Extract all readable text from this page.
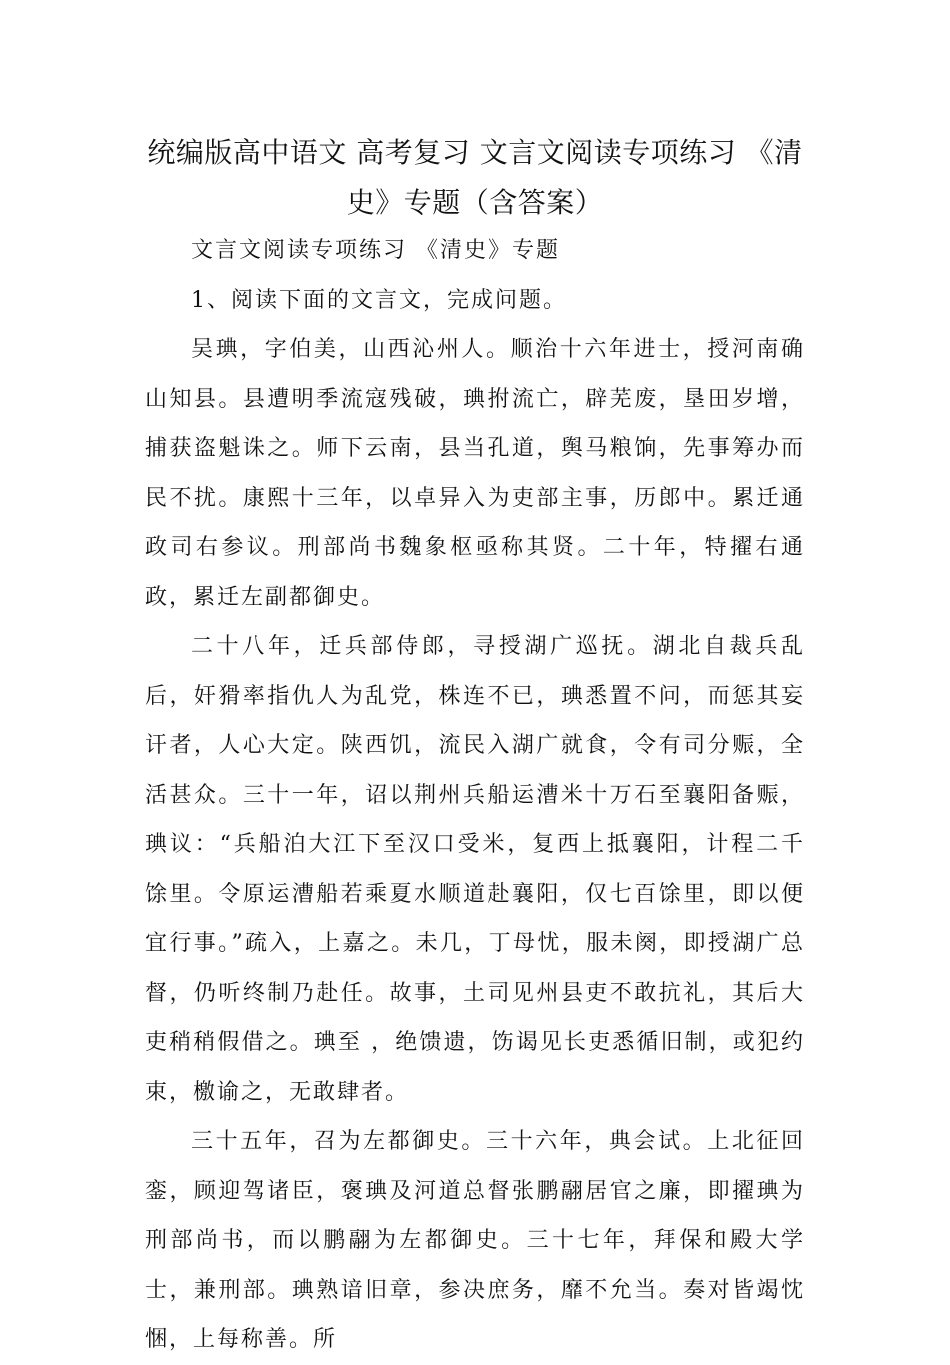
统编版高中语文 高考复习 文言文阅读专项练习 《清史》专题（含答案）

文言文阅读专项练习 《清史》专题

1、阅读下面的文言文，完成问题。

吴琠，字伯美，山西沁州人。顺治十六年进士，授河南确山知县。县遭明季流寇残破，琠拊流亡，辟芜废，垦田岁增，捕获盗魁诛之。师下云南，县当孔道，舆马粮饷，先事筹办而民不扰。康熙十三年，以卓异入为吏部主事，历郎中。累迁通政司右参议。刑部尚书魏象枢亟称其贤。二十年，特擢右通政，累迁左副都御史。

二十八年，迁兵部侍郎，寻授湖广巡抚。湖北自裁兵乱后，奸猾率指仇人为乱党，株连不已，琠悉置不问，而惩其妄讦者，人心大定。陕西饥，流民入湖广就食，令有司分赈，全活甚众。三十一年，诏以荆州兵船运漕米十万石至襄阳备赈，琠议：“兵船泊大江下至汉口受米，复西上抵襄阳，计程二千馀里。令原运漕船若乘夏水顺道赴襄阳，仅七百馀里，即以便宜行事。”疏入，上嘉之。未几，丁母忧，服未阕，即授湖广总督，仍听终制乃赴任。故事，土司见州县吏不敢抗礼，其后大吏稍稍假借之。琠至 ，绝馈遗，饬谒见长吏悉循旧制，或犯约束，檄谕之，无敢肆者。

三十五年，召为左都御史。三十六年，典会试。上北征回銮，顾迎驾诸臣，褒琠及河道总督张鹏翮居官之廉，即擢琠为刑部尚书，而以鹏翮为左都御史。三十七年，拜保和殿大学士，兼刑部。琠熟谙旧章，参决庶务，靡不允当。奏对皆竭忱悃，上每称善。所
